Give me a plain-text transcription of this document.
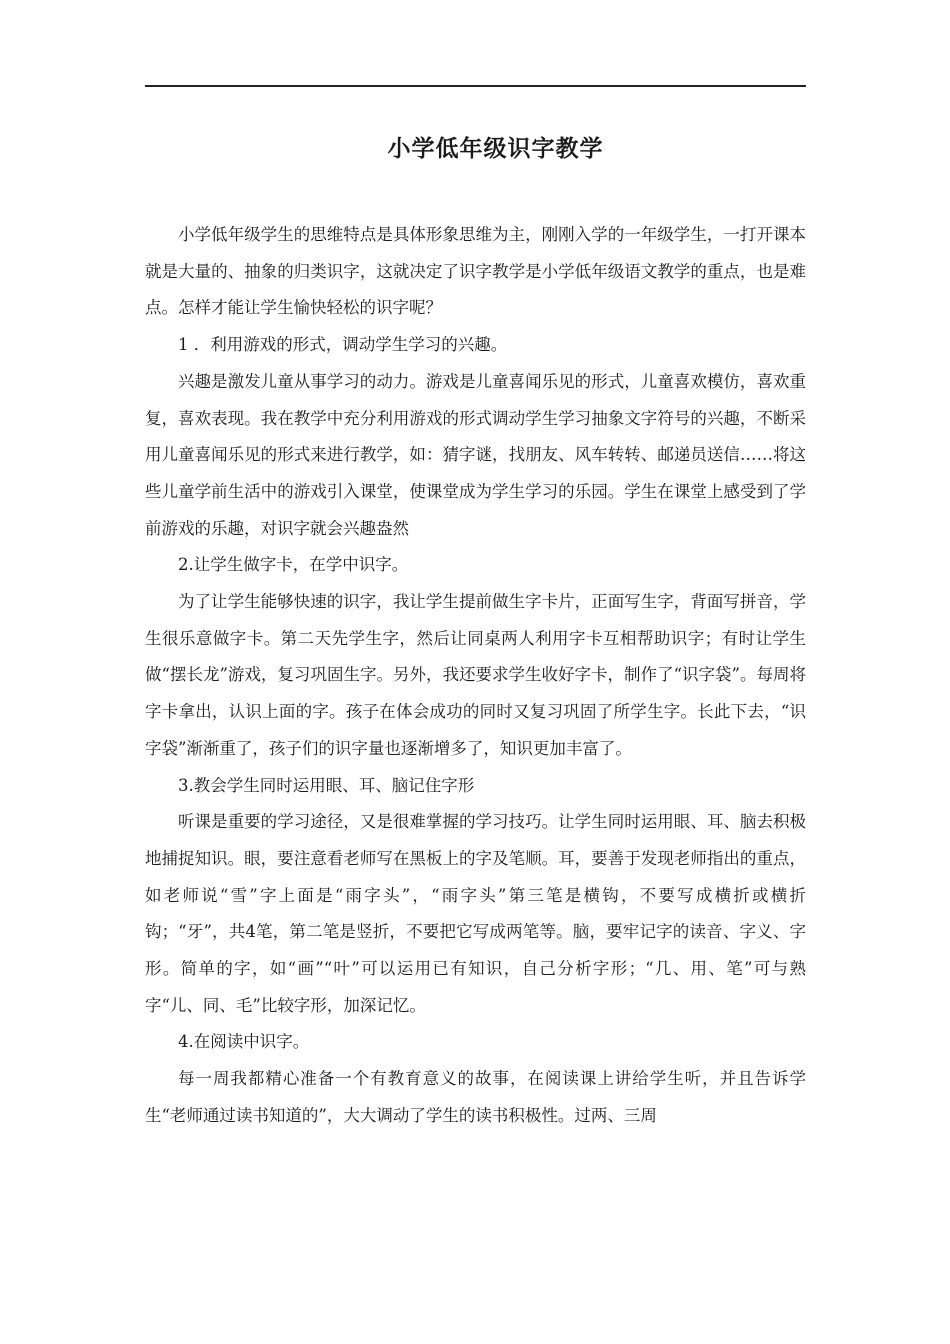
小学低年级识字教学

小学低年级学生的思维特点是具体形象思维为主，刚刚入学的一年级学生，一打开课本就是大量的、抽象的归类识字，这就决定了识字教学是小学低年级语文教学的重点，也是难点。怎样才能让学生愉快轻松的识字呢？

1 ．利用游戏的形式，调动学生学习的兴趣。

兴趣是激发儿童从事学习的动力。游戏是儿童喜闻乐见的形式，儿童喜欢模仿，喜欢重复，喜欢表现。我在教学中充分利用游戏的形式调动学生学习抽象文字符号的兴趣，不断采用儿童喜闻乐见的形式来进行教学，如：猜字谜，找朋友、风车转转、邮递员送信……将这些儿童学前生活中的游戏引入课堂，使课堂成为学生学习的乐园。学生在课堂上感受到了学前游戏的乐趣，对识字就会兴趣盎然

2.让学生做字卡，在学中识字。

为了让学生能够快速的识字，我让学生提前做生字卡片，正面写生字，背面写拼音，学生很乐意做字卡。第二天先学生字，然后让同桌两人利用字卡互相帮助识字；有时让学生做“摆长龙”游戏，复习巩固生字。另外，我还要求学生收好字卡，制作了“识字袋”。每周将字卡拿出，认识上面的字。孩子在体会成功的同时又复习巩固了所学生字。长此下去，“识字袋”渐渐重了，孩子们的识字量也逐渐增多了，知识更加丰富了。

3.教会学生同时运用眼、耳、脑记住字形

听课是重要的学习途径，又是很难掌握的学习技巧。让学生同时运用眼、耳、脑去积极地捕捉知识。眼，要注意看老师写在黑板上的字及笔顺。耳，要善于发现老师指出的重点，如老师说“雪”字上面是“雨字头”，“雨字头”第三笔是横钩，不要写成横折或横折钩；“牙”，共4笔，第二笔是竖折，不要把它写成两笔等。脑，要牢记字的读音、字义、字形。简单的字，如“画”“叶”可以运用已有知识，自己分析字形；“几、用、笔”可与熟字“儿、同、毛”比较字形，加深记忆。

4.在阅读中识字。

每一周我都精心准备一个有教育意义的故事，在阅读课上讲给学生听，并且告诉学生“老师通过读书知道的”，大大调动了学生的读书积极性。过两、三周
